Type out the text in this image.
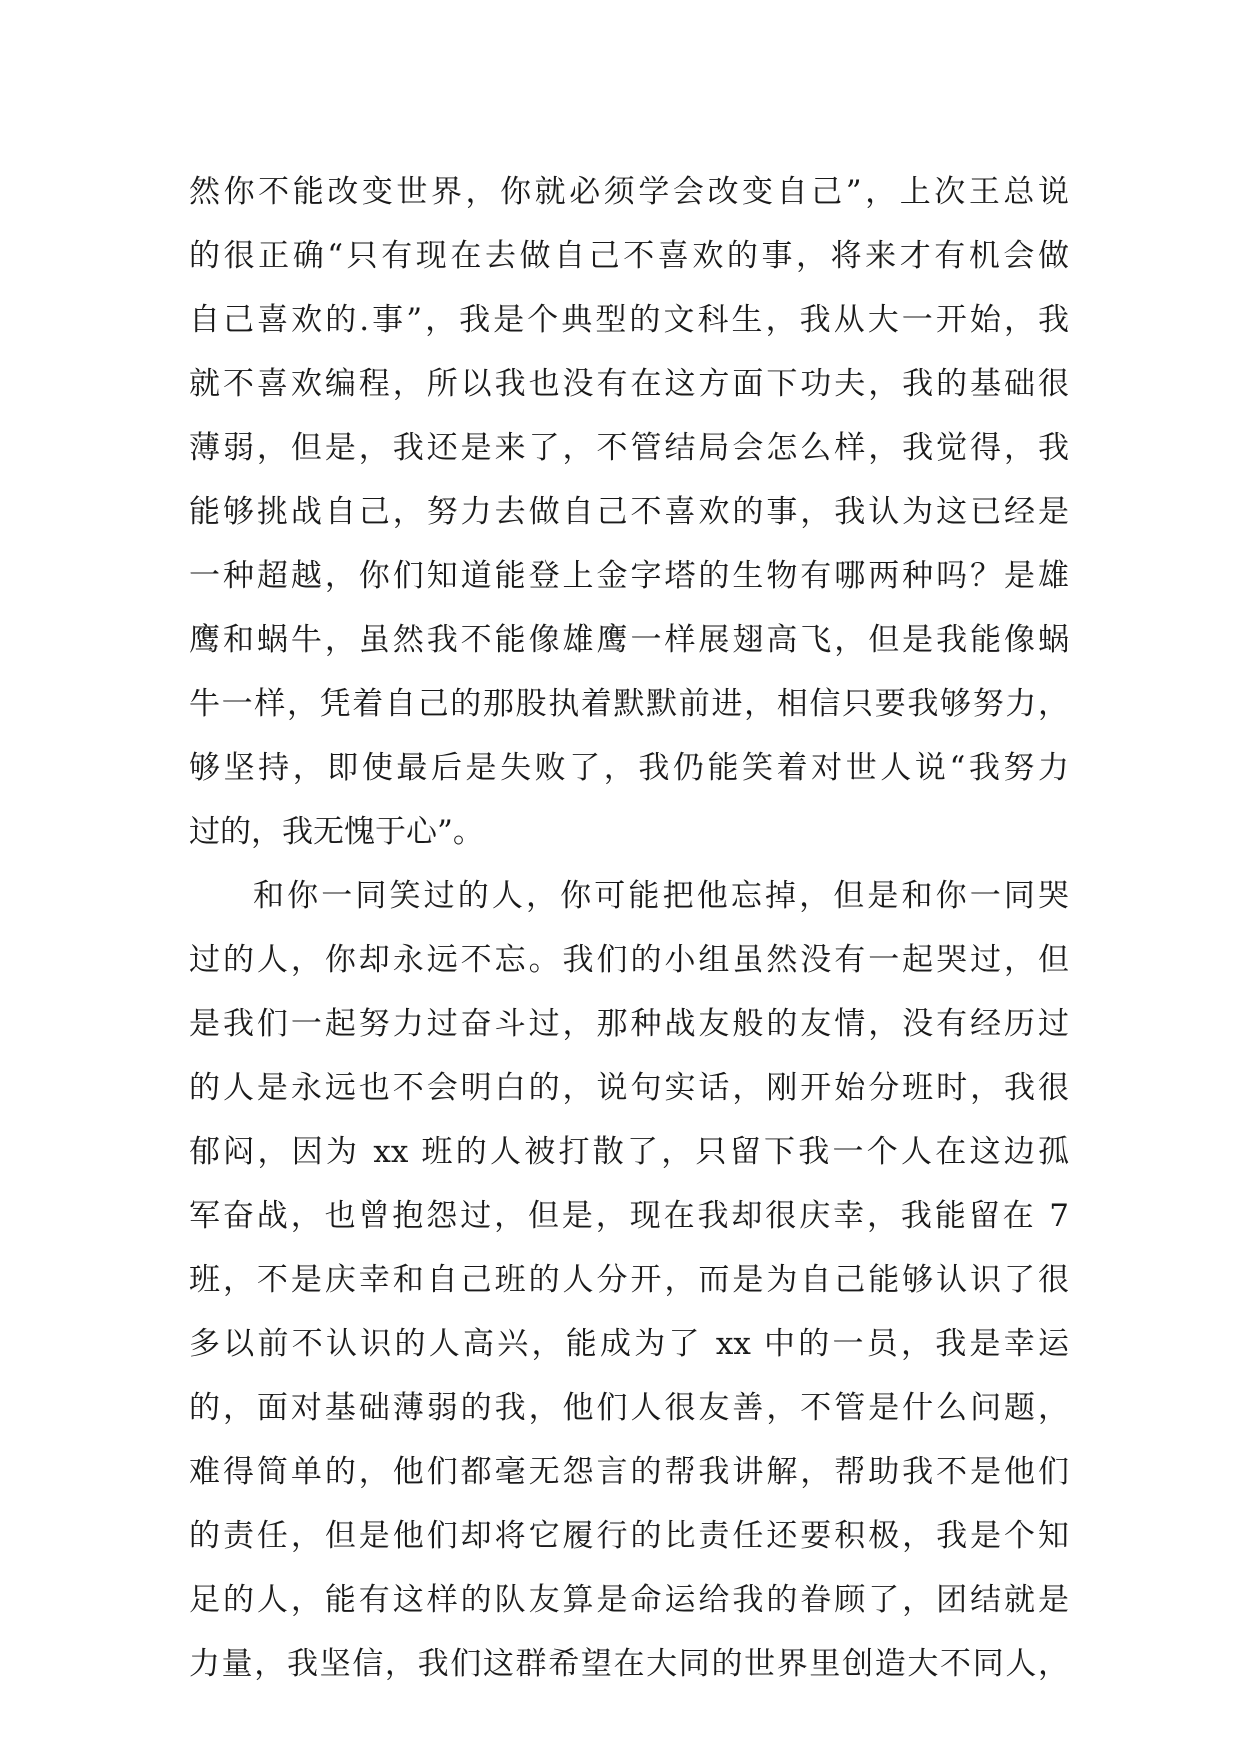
然你不能改变世界，你就必须学会改变自己”，上次王总说
的很正确“只有现在去做自己不喜欢的事，将来才有机会做
自己喜欢的.事”，我是个典型的文科生，我从大一开始，我
就不喜欢编程，所以我也没有在这方面下功夫，我的基础很
薄弱，但是，我还是来了，不管结局会怎么样，我觉得，我
能够挑战自己，努力去做自己不喜欢的事，我认为这已经是
一种超越，你们知道能登上金字塔的生物有哪两种吗？是雄
鹰和蜗牛，虽然我不能像雄鹰一样展翅高飞，但是我能像蜗
牛一样，凭着自己的那股执着默默前进，相信只要我够努力，
够坚持，即使最后是失败了，我仍能笑着对世人说“我努力
过的，我无愧于心”。
和你一同笑过的人，你可能把他忘掉，但是和你一同哭
过的人，你却永远不忘。我们的小组虽然没有一起哭过，但
是我们一起努力过奋斗过，那种战友般的友情，没有经历过
的人是永远也不会明白的，说句实话，刚开始分班时，我很
郁闷，因为 xx 班的人被打散了，只留下我一个人在这边孤
军奋战，也曾抱怨过，但是，现在我却很庆幸，我能留在 7
班，不是庆幸和自己班的人分开，而是为自己能够认识了很
多以前不认识的人高兴，能成为了 xx 中的一员，我是幸运
的，面对基础薄弱的我，他们人很友善，不管是什么问题，
难得简单的，他们都毫无怨言的帮我讲解，帮助我不是他们
的责任，但是他们却将它履行的比责任还要积极，我是个知
足的人，能有这样的队友算是命运给我的眷顾了，团结就是
力量，我坚信，我们这群希望在大同的世界里创造大不同人，
